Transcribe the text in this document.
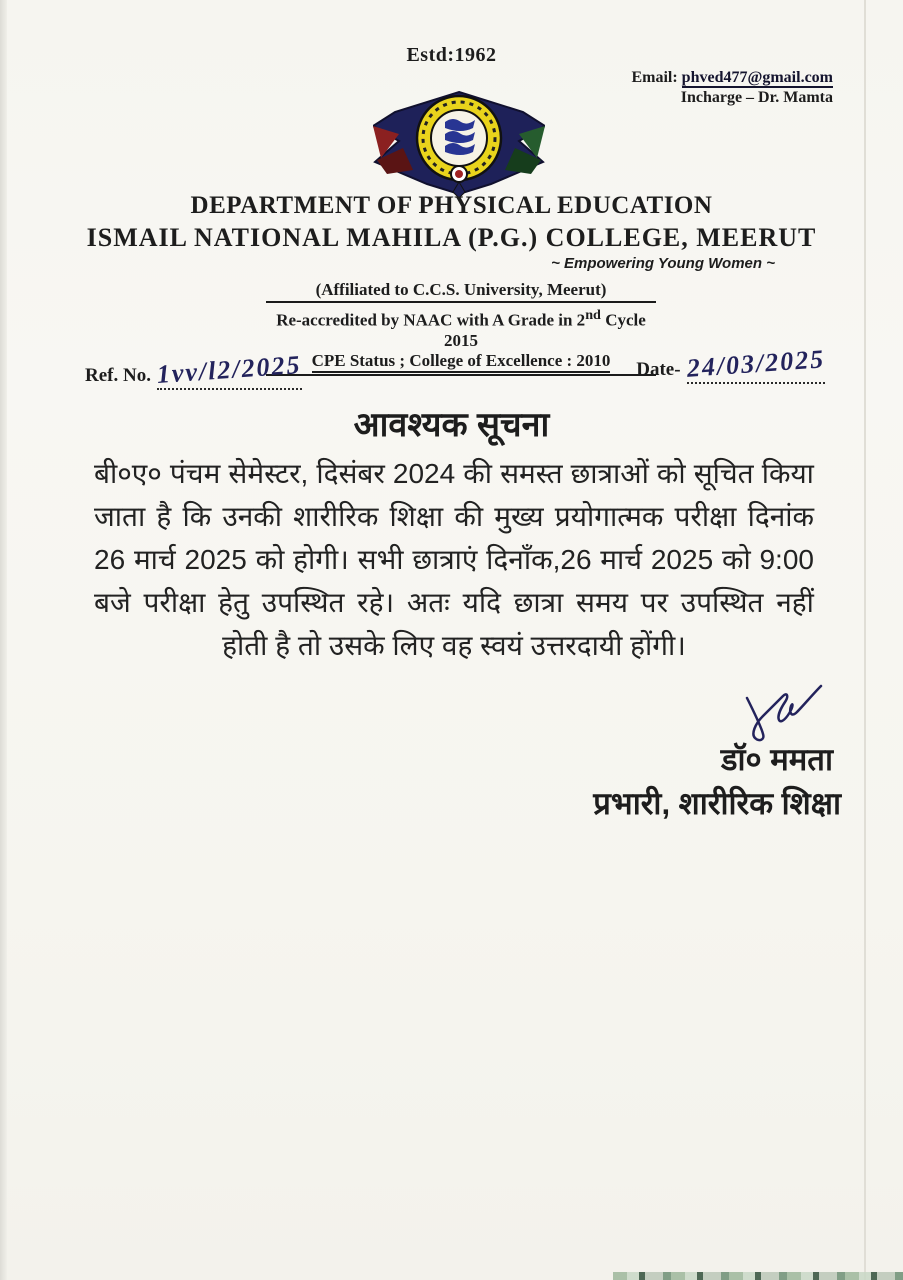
Estd:1962
Email: phved477@gmail.com
Incharge – Dr. Mamta
DEPARTMENT OF PHYSICAL EDUCATION
ISMAIL NATIONAL MAHILA (P.G.) COLLEGE, MEERUT
~ Empowering Young Women ~
(Affiliated to C.C.S. University, Meerut)
Re-accredited by NAAC with A Grade in 2nd Cycle 2015
CPE Status ; College of Excellence : 2010
Ref. No. 1vv/l2/2025	Date- 24/03/2025
आवश्यक सूचना
बी०ए० पंचम सेमेस्टर, दिसंबर 2024 की समस्त छात्राओं को सूचित किया
जाता है कि उनकी शारीरिक शिक्षा की मुख्य प्रयोगात्मक परीक्षा दिनांक
26 मार्च 2025 को होगी। सभी छात्राएं दिनाँक,26 मार्च 2025 को 9:00
बजे परीक्षा हेतु उपस्थित रहे। अतः यदि छात्रा समय पर उपस्थित नहीं
होती है तो उसके लिए वह स्वयं उत्तरदायी होंगी।
डॉ० ममता
प्रभारी, शारीरिक शिक्षा
